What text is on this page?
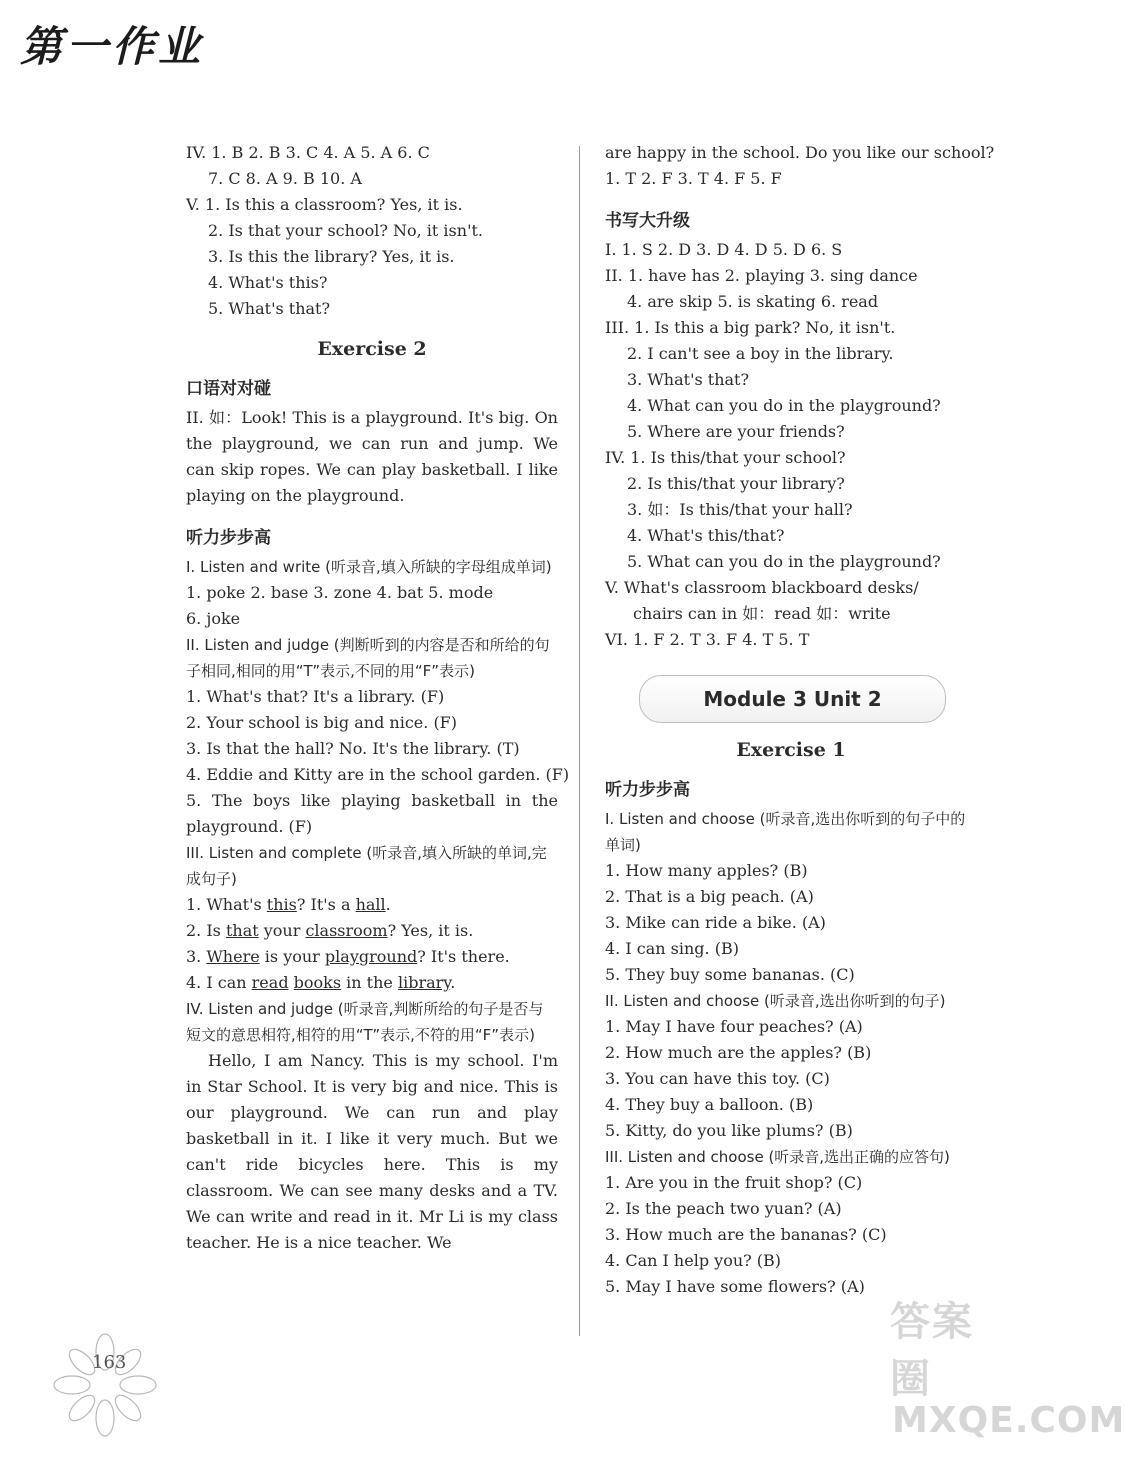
第一作业
IV. 1. B 2. B 3. C 4. A 5. A 6. C
7. C 8. A 9. B 10. A
V. 1. Is this a classroom? Yes, it is.
2. Is that your school? No, it isn't.
3. Is this the library? Yes, it is.
4. What's this?
5. What's that?
Exercise 2
口语对对碰
II. 如：Look! This is a playground. It's big. On the playground, we can run and jump. We can skip ropes. We can play basketball. I like playing on the playground.
听力步步高
I. Listen and write (听录音,填入所缺的字母组成单词)
1. poke 2. base 3. zone 4. bat 5. mode
6. joke
II. Listen and judge (判断听到的内容是否和所给的句子相同,相同的用“T”表示,不同的用“F”表示)
1. What's that? It's a library. (F)
2. Your school is big and nice. (F)
3. Is that the hall? No. It's the library. (T)
4. Eddie and Kitty are in the school garden. (F)
5. The boys like playing basketball in the playground. (F)
III. Listen and complete (听录音,填入所缺的单词,完成句子)
1. What's this? It's a hall.
2. Is that your classroom? Yes, it is.
3. Where is your playground? It's there.
4. I can read books in the library.
IV. Listen and judge (听录音,判断所给的句子是否与短文的意思相符,相符的用“T”表示,不符的用“F”表示)
Hello, I am Nancy. This is my school. I'm in Star School. It is very big and nice. This is our playground. We can run and play basketball in it. I like it very much. But we can't ride bicycles here. This is my classroom. We can see many desks and a TV. We can write and read in it. Mr Li is my class teacher. He is a nice teacher. We
are happy in the school. Do you like our school?
1. T 2. F 3. T 4. F 5. F
书写大升级
I. 1. S 2. D 3. D 4. D 5. D 6. S
II. 1. have has 2. playing 3. sing dance
4. are skip 5. is skating 6. read
III. 1. Is this a big park? No, it isn't.
2. I can't see a boy in the library.
3. What's that?
4. What can you do in the playground?
5. Where are your friends?
IV. 1. Is this/that your school?
2. Is this/that your library?
3. 如：Is this/that your hall?
4. What's this/that?
5. What can you do in the playground?
V. What's classroom blackboard desks/
chairs can in 如：read 如：write
VI. 1. F 2. T 3. F 4. T 5. T
Module 3 Unit 2
Exercise 1
听力步步高
I. Listen and choose (听录音,选出你听到的句子中的单词)
1. How many apples? (B)
2. That is a big peach. (A)
3. Mike can ride a bike. (A)
4. I can sing. (B)
5. They buy some bananas. (C)
II. Listen and choose (听录音,选出你听到的句子)
1. May I have four peaches? (A)
2. How much are the apples? (B)
3. You can have this toy. (C)
4. They buy a balloon. (B)
5. Kitty, do you like plums? (B)
III. Listen and choose (听录音,选出正确的应答句)
1. Are you in the fruit shop? (C)
2. Is the peach two yuan? (A)
3. How much are the bananas? (C)
4. Can I help you? (B)
5. May I have some flowers? (A)
163
答案圈
MXQE.COM
